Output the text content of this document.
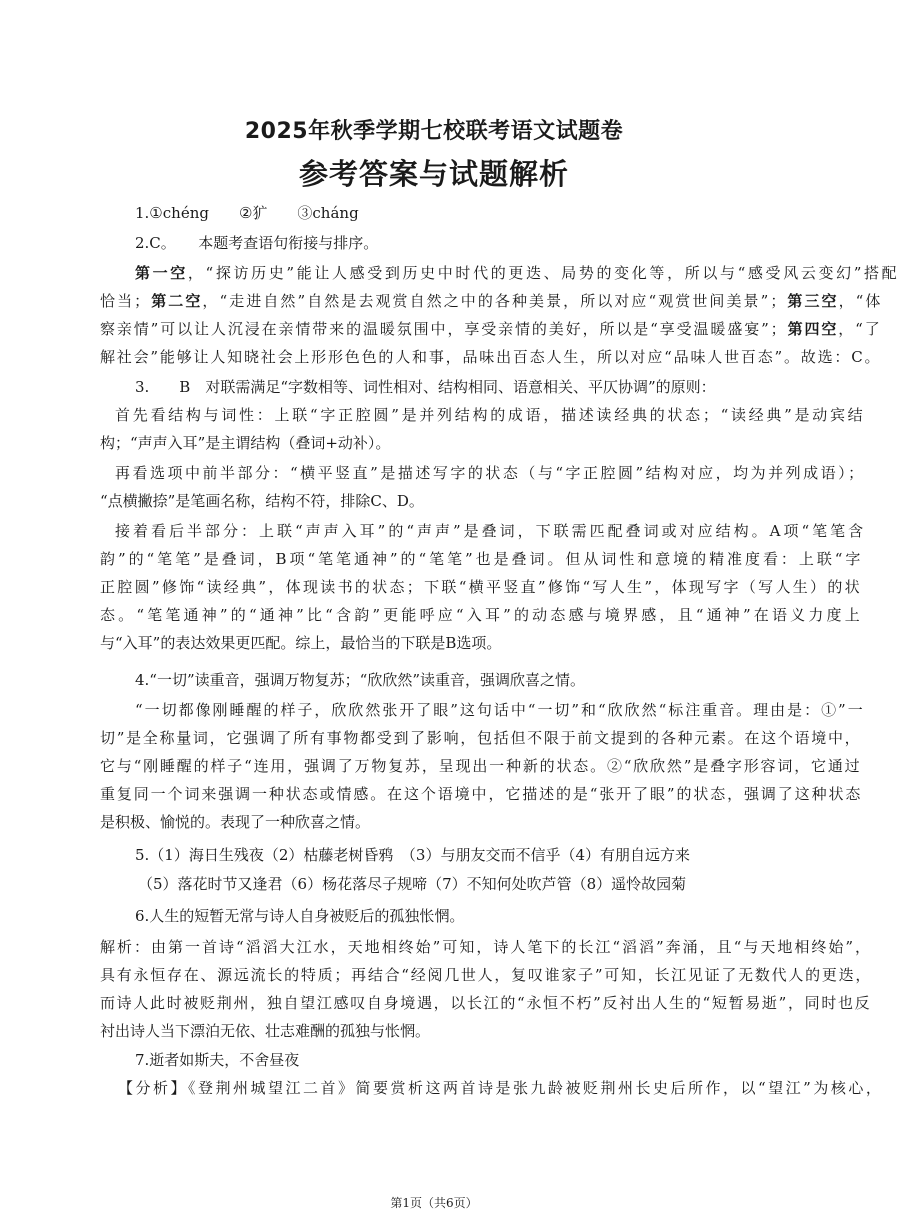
2025年秋季学期七校联考语文试题卷
参考答案与试题解析
1.①chéng　　②犷　　③cháng
2.C。　　本题考查语句衔接与排序。
第一空，“探访历史”能让人感受到历史中时代的更迭、局势的变化等，所以与“感受风云变幻”搭配
恰当；第二空，“走进自然”自然是去观赏自然之中的各种美景，所以对应“观赏世间美景”；第三空，“体
察亲情”可以让人沉浸在亲情带来的温暖氛围中，享受亲情的美好，所以是“享受温暖盛宴”；第四空，“了
解社会”能够让人知晓社会上形形色色的人和事，品味出百态人生，所以对应“品味人世百态”。故选：C。
3.　　B　对联需满足“字数相等、词性相对、结构相同、语意相关、平仄协调”的原则：
首先看结构与词性：上联“字正腔圆”是并列结构的成语，描述读经典的状态；“读经典”是动宾结
构；“声声入耳”是主谓结构（叠词+动补）。
再看选项中前半部分：“横平竖直”是描述写字的状态（与“字正腔圆”结构对应，均为并列成语）；
“点横撇捺”是笔画名称，结构不符，排除C、D。
接着看后半部分：上联“声声入耳”的“声声”是叠词，下联需匹配叠词或对应结构。A项“笔笔含
韵”的“笔笔”是叠词，B项“笔笔通神”的“笔笔”也是叠词。但从词性和意境的精准度看：上联“字
正腔圆”修饰“读经典”，体现读书的状态；下联“横平竖直”修饰“写人生”，体现写字（写人生）的状
态。“笔笔通神”的“通神”比“含韵”更能呼应“入耳”的动态感与境界感，且“通神”在语义力度上
与“入耳”的表达效果更匹配。综上，最恰当的下联是B选项。
4.“一切”读重音，强调万物复苏；“欣欣然”读重音，强调欣喜之情。
“一切都像刚睡醒的样子，欣欣然张开了眼”这句话中“一切”和“欣欣然“标注重音。理由是：①”一
切”是全称量词，它强调了所有事物都受到了影响，包括但不限于前文提到的各种元素。在这个语境中，
它与“刚睡醒的样子“连用，强调了万物复苏，呈现出一种新的状态。②“欣欣然”是叠字形容词，它通过
重复同一个词来强调一种状态或情感。在这个语境中，它描述的是“张开了眼”的状态，强调了这种状态
是积极、愉悦的。表现了一种欣喜之情。
5.（1）海日生残夜（2）枯藤老树昏鸦　（3）与朋友交而不信乎（4）有朋自远方来
（5）落花时节又逢君（6）杨花落尽子规啼（7）不知何处吹芦管（8）遥怜故园菊
6.人生的短暂无常与诗人自身被贬后的孤独怅惘。
解析：由第一首诗“滔滔大江水，天地相终始”可知，诗人笔下的长江“滔滔”奔涌，且“与天地相终始”，
具有永恒存在、源远流长的特质；再结合“经阅几世人，复叹谁家子”可知，长江见证了无数代人的更迭，
而诗人此时被贬荆州，独自望江感叹自身境遇，以长江的“永恒不朽”反衬出人生的“短暂易逝”，同时也反
衬出诗人当下漂泊无依、壮志难酬的孤独与怅惘。
7.逝者如斯夫，不舍昼夜
【分析】《登荆州城望江二首》简要赏析这两首诗是张九龄被贬荆州长史后所作，以“望江”为核心，
第1页（共6页）
